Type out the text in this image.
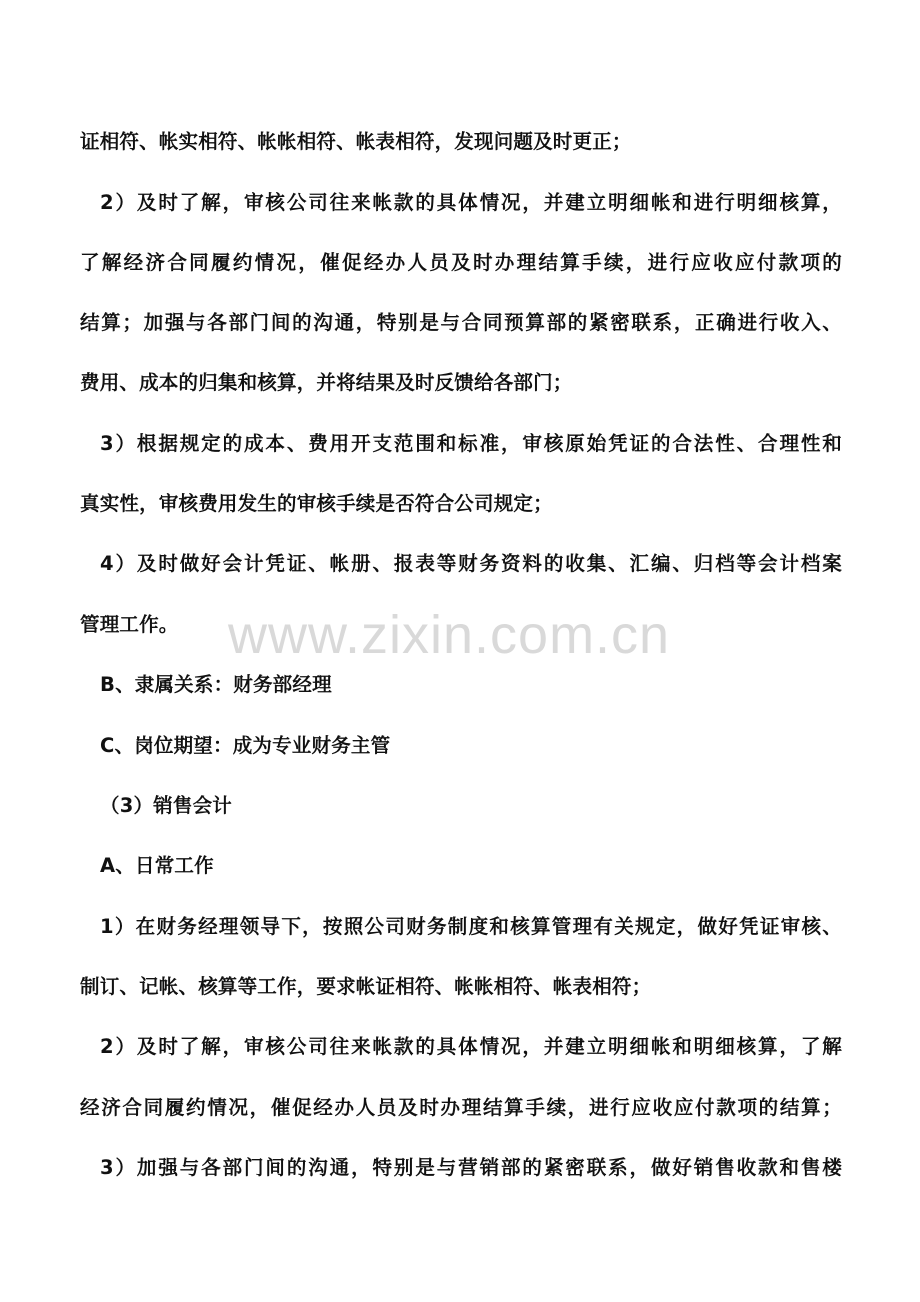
证相符、帐实相符、帐帐相符、帐表相符，发现问题及时更正；
2）及时了解，审核公司往来帐款的具体情况，并建立明细帐和进行明细核算，
了解经济合同履约情况，催促经办人员及时办理结算手续，进行应收应付款项的
结算；加强与各部门间的沟通，特别是与合同预算部的紧密联系，正确进行收入、
费用、成本的归集和核算，并将结果及时反馈给各部门；
3）根据规定的成本、费用开支范围和标准，审核原始凭证的合法性、合理性和
真实性，审核费用发生的审核手续是否符合公司规定；
4）及时做好会计凭证、帐册、报表等财务资料的收集、汇编、归档等会计档案
管理工作。
B、隶属关系：财务部经理
C、岗位期望：成为专业财务主管
（3）销售会计
A、日常工作
1）在财务经理领导下，按照公司财务制度和核算管理有关规定，做好凭证审核、
制订、记帐、核算等工作，要求帐证相符、帐帐相符、帐表相符；
2）及时了解，审核公司往来帐款的具体情况，并建立明细帐和明细核算，了解
经济合同履约情况，催促经办人员及时办理结算手续，进行应收应付款项的结算；
3）加强与各部门间的沟通，特别是与营销部的紧密联系，做好销售收款和售楼
www.zixin.com.cn
